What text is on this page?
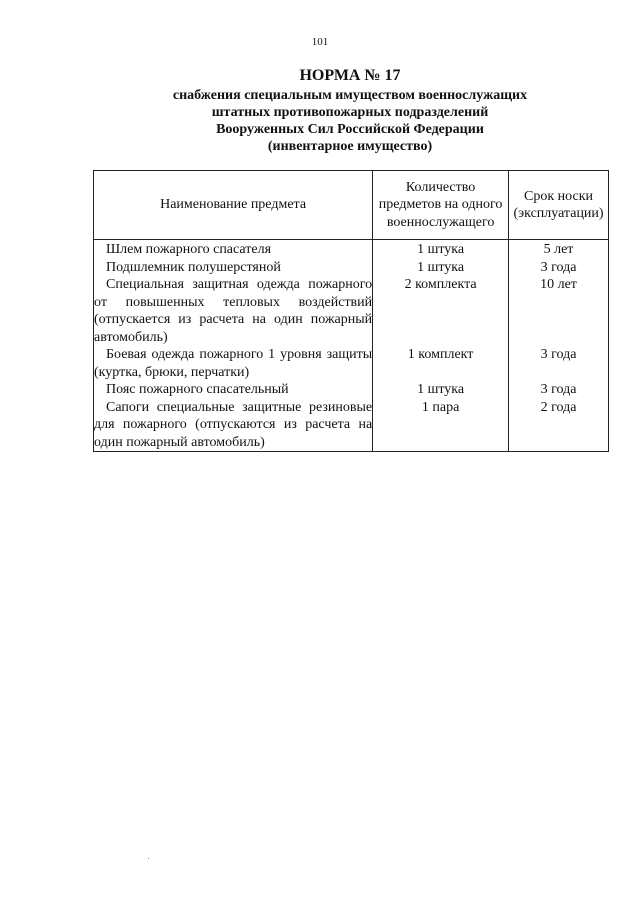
101
НОРМА № 17
снабжения специальным имуществом военнослужащих
штатных противопожарных подразделений
Вооруженных Сил Российской Федерации
(инвентарное имущество)
Наименование предмета	Количество предметов на одного военнослужащего	Срок носки (эксплуатации)
Шлем пожарного спасателя	1 штука	5 лет
Подшлемник полушерстяной	1 штука	3 года
Специальная защитная одежда пожарного от повышенных тепловых воздействий (отпускается из расчета на один пожарный автомобиль)	2 комплекта	10 лет
Боевая одежда пожарного 1 уровня защиты (куртка, брюки, перчатки)	1 комплект	3 года
Пояс пожарного спасательный	1 штука	3 года
Сапоги специальные защитные резиновые для пожарного (отпускаются из расчета на один пожарный автомобиль)	1 пара	2 года
